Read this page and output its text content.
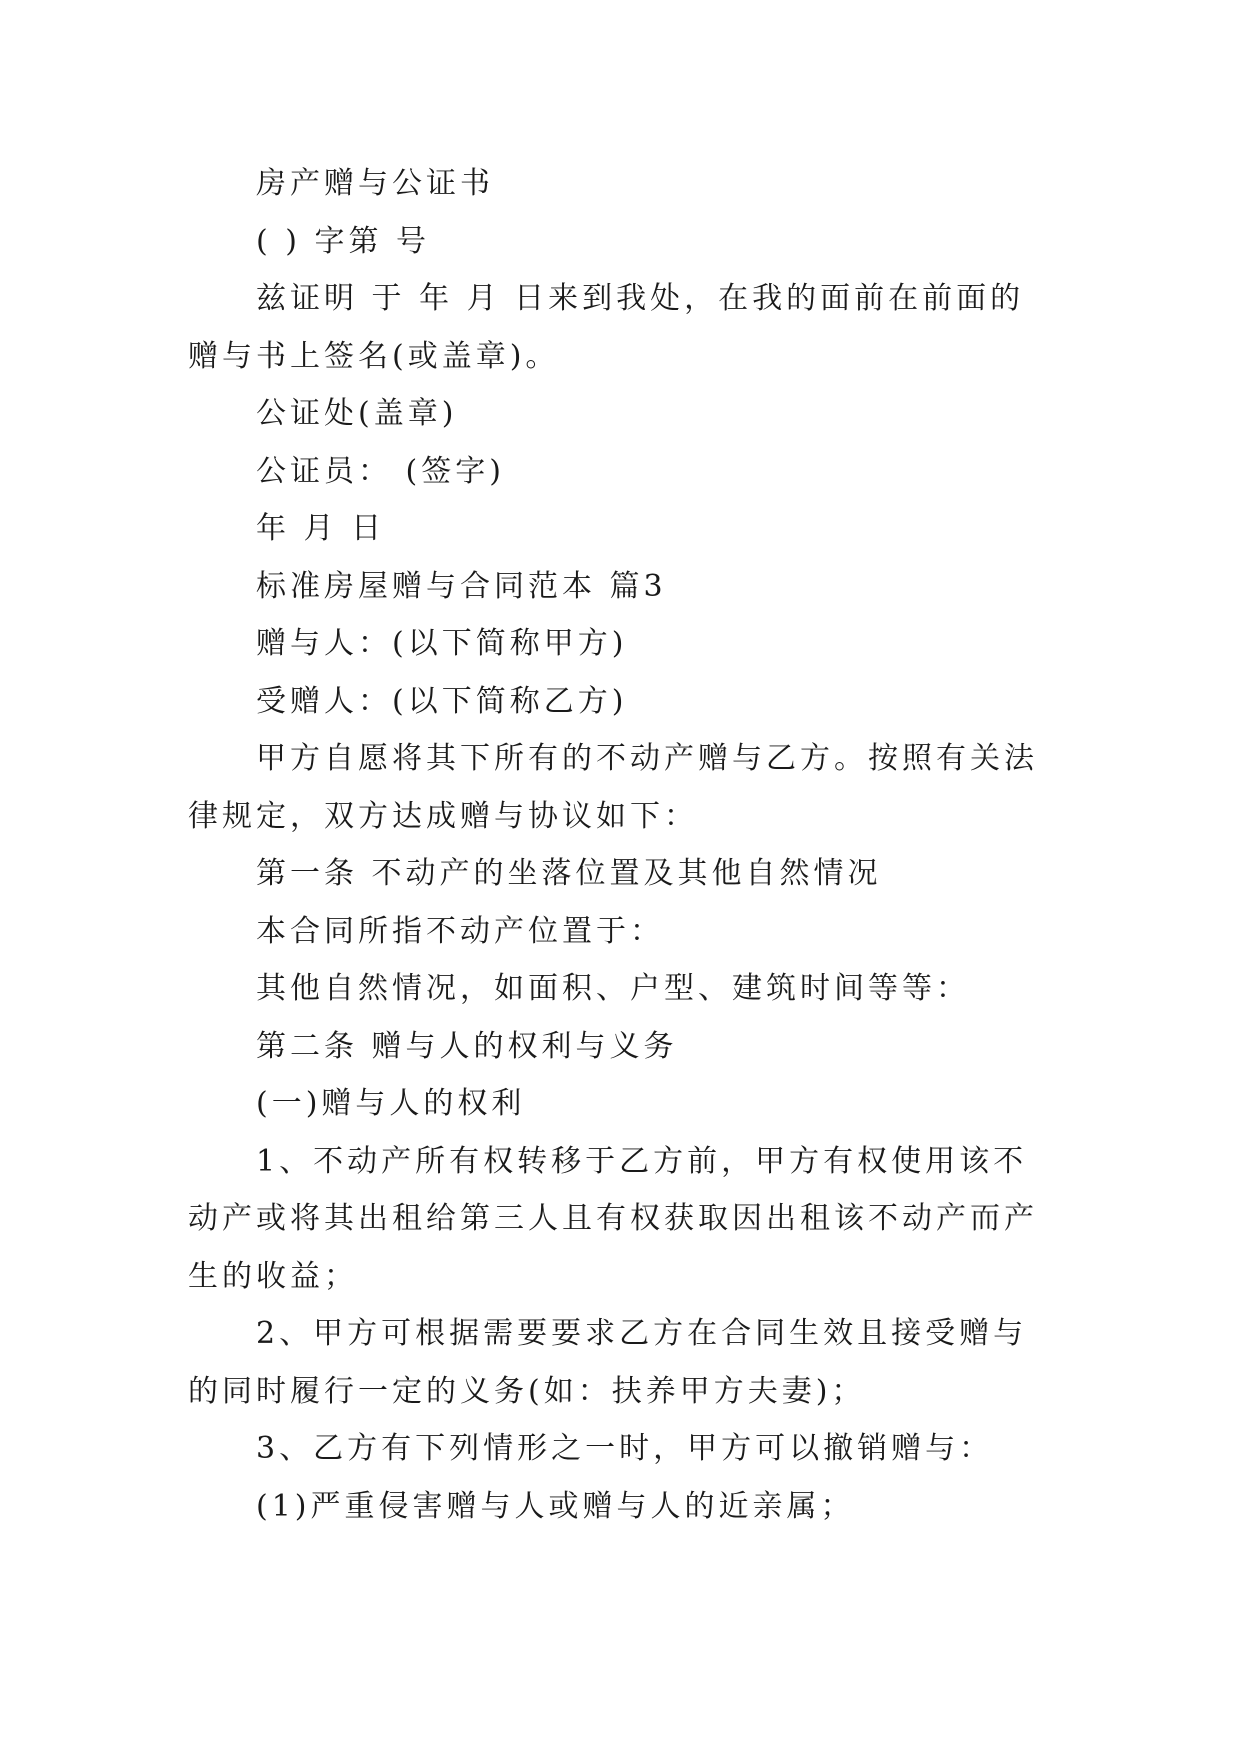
房产赠与公证书

( ) 字第 号

兹证明 于 年 月 日来到我处，在我的面前在前面的赠与书上签名(或盖章)。

公证处(盖章)

公证员： (签字)

年 月 日

标准房屋赠与合同范本 篇3

赠与人：(以下简称甲方)

受赠人：(以下简称乙方)

甲方自愿将其下所有的不动产赠与乙方。按照有关法律规定，双方达成赠与协议如下：

第一条 不动产的坐落位置及其他自然情况

本合同所指不动产位置于：

其他自然情况，如面积、户型、建筑时间等等：

第二条 赠与人的权利与义务

(一)赠与人的权利

1、不动产所有权转移于乙方前，甲方有权使用该不动产或将其出租给第三人且有权获取因出租该不动产而产生的收益；

2、甲方可根据需要要求乙方在合同生效且接受赠与的同时履行一定的义务(如：扶养甲方夫妻)；

3、乙方有下列情形之一时，甲方可以撤销赠与：

(1)严重侵害赠与人或赠与人的近亲属；
